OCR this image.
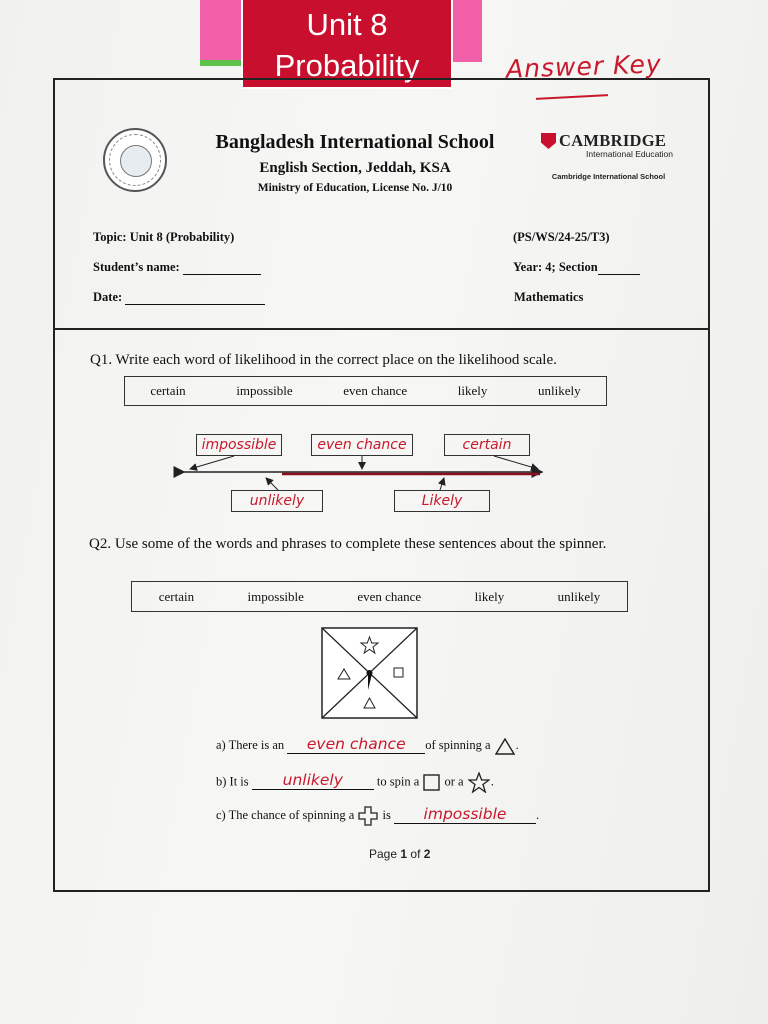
Unit 8
Probability	Answer Key
Bangladesh International School
English Section, Jeddah, KSA
Ministry of Education, License No. J/10
CAMBRIDGE
International Education
Cambridge International School
Topic: Unit 8 (Probability)	(PS/WS/24-25/T3)
Student’s name:	Year: 4; Section
Date:	Mathematics
Q1. Write each word of likelihood in the correct place on the likelihood scale.
certain	impossible	even chance	likely	unlikely
impossible	even chance	certain
unlikely	Likely
Q2. Use some of the words and phrases to complete these sentences about the spinner.
certain	impossible	even chance	likely	unlikely
a) There is an even chance of spinning a .
b) It is unlikely	to spin a or a .
c) The chance of spinning a is impossible .
Page 1 of 2
